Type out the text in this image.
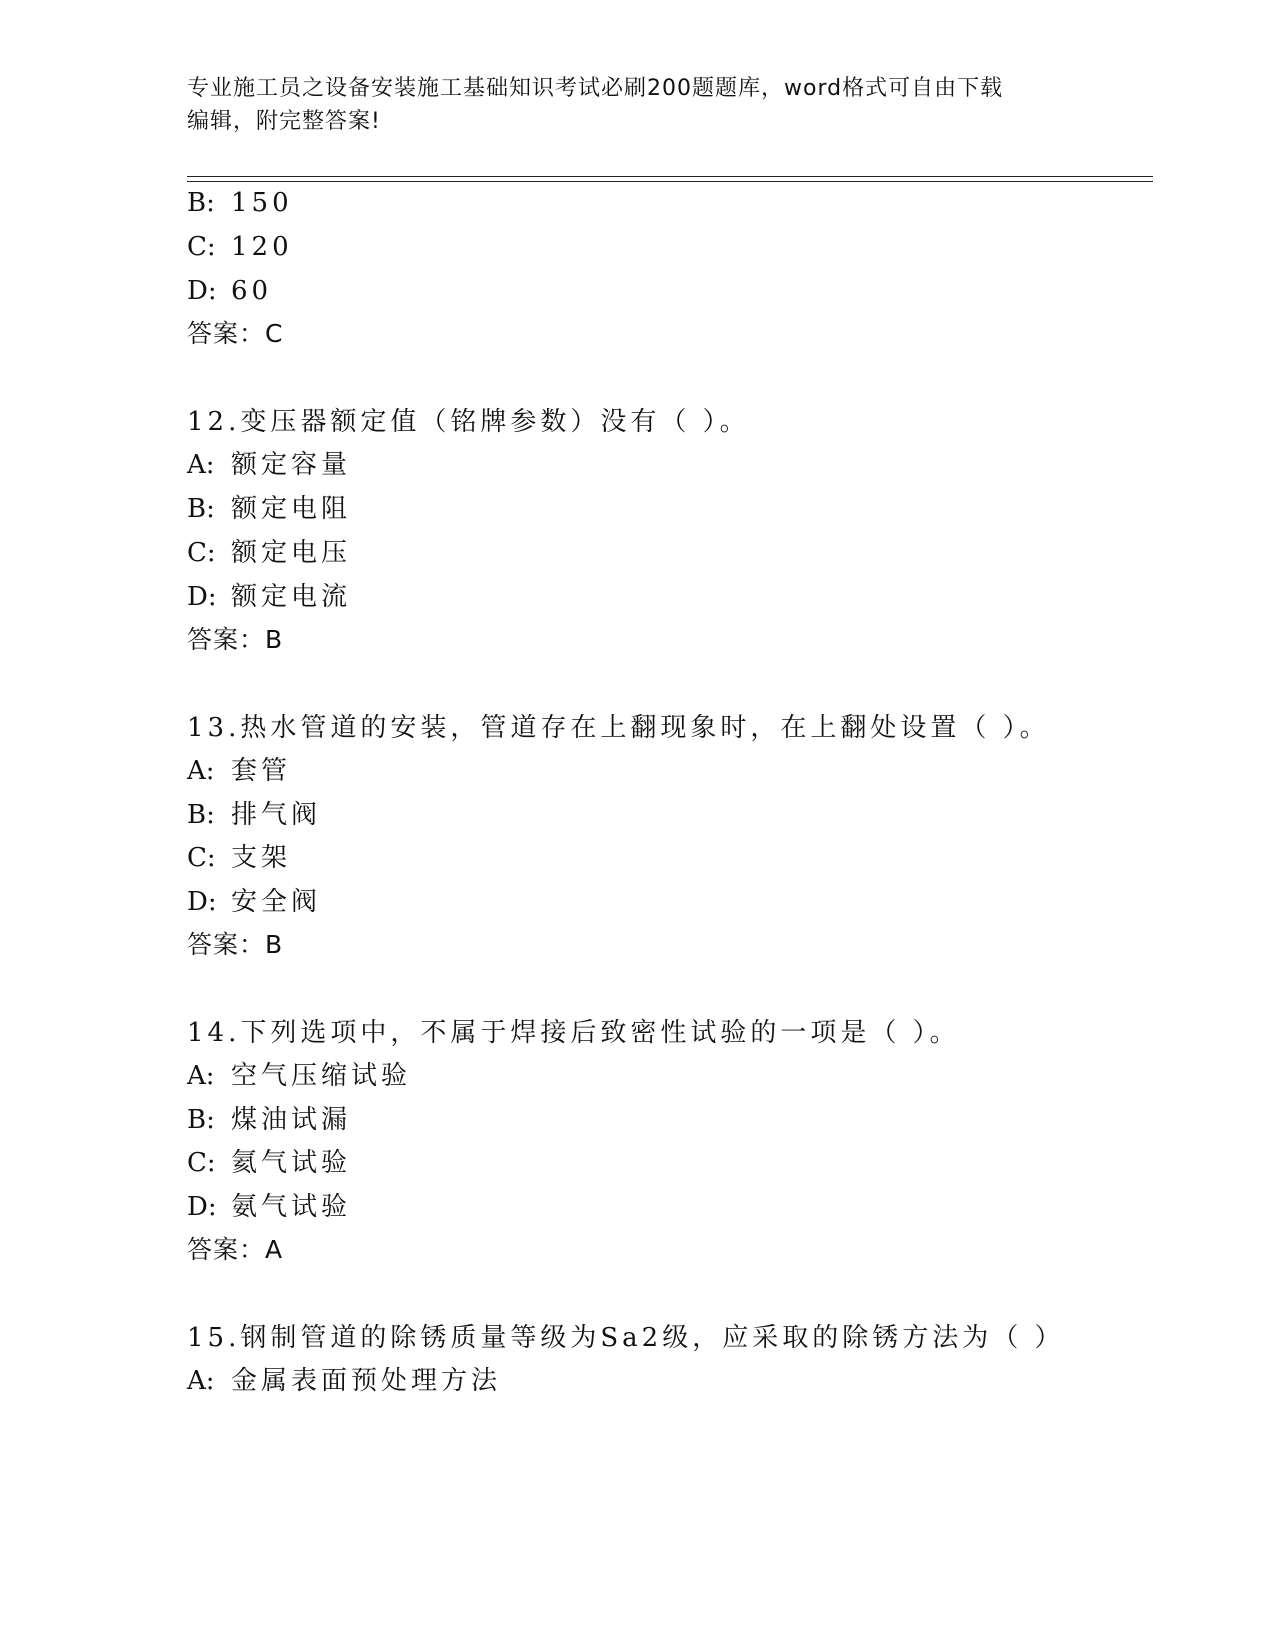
专业施工员之设备安装施工基础知识考试必刷200题题库，word格式可自由下载
编辑，附完整答案!
B: 150
C: 120
D: 60
答案：C
12.变压器额定值（铭牌参数）没有（ ）。
A: 额定容量
B: 额定电阻
C: 额定电压
D: 额定电流
答案：B
13.热水管道的安装，管道存在上翻现象时，在上翻处设置（ ）。
A: 套管
B: 排气阀
C: 支架
D: 安全阀
答案：B
14.下列选项中，不属于焊接后致密性试验的一项是（ ）。
A: 空气压缩试验
B: 煤油试漏
C: 氦气试验
D: 氨气试验
答案：A
15.钢制管道的除锈质量等级为Sa2级，应采取的除锈方法为（ ）
A: 金属表面预处理方法
